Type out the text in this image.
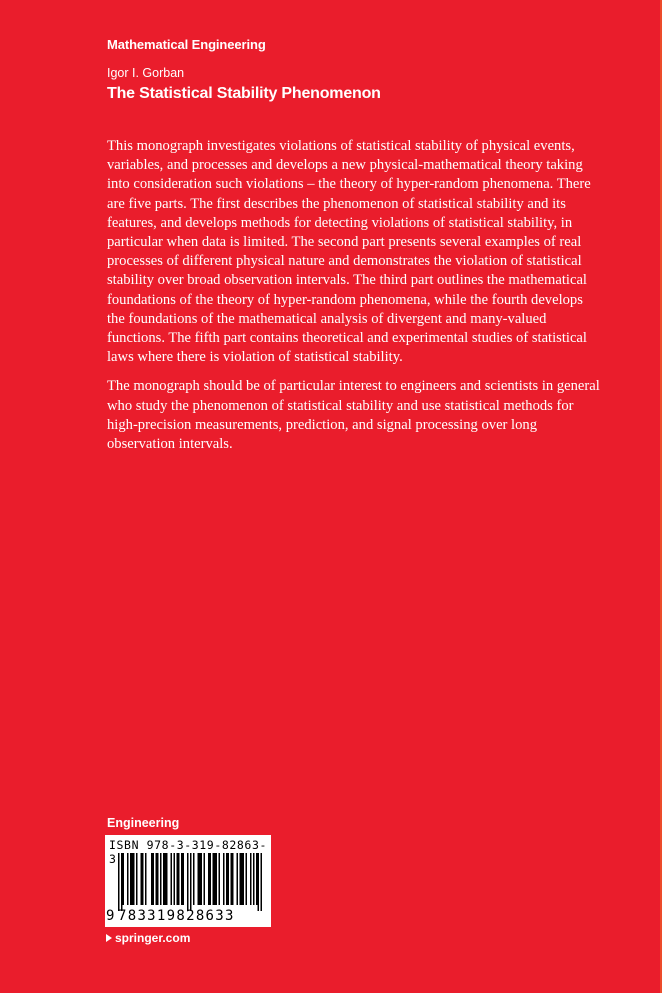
Mathematical Engineering
Igor I. Gorban
The Statistical Stability Phenomenon

This monograph investigates violations of statistical stability of physical events, variables, and processes and develops a new physical-mathematical theory taking into consideration such violations – the theory of hyper-random phenomena. There are five parts. The first describes the phenomenon of statistical stability and its features, and develops methods for detecting violations of statistical stability, in particular when data is limited. The second part presents several examples of real processes of different physical nature and demonstrates the violation of statistical stability over broad observation intervals. The third part outlines the mathematical foundations of the theory of hyper-random phenomena, while the fourth develops the foundations of the mathematical analysis of divergent and many-valued functions. The fifth part contains theoretical and experimental studies of statistical laws where there is violation of statistical stability.

The monograph should be of particular interest to engineers and scientists in general who study the phenomenon of statistical stability and use statistical methods for high-precision measurements, prediction, and signal processing over long observation intervals.

Engineering
ISBN 978-3-319-82863-3
9 783319828633
springer.com
